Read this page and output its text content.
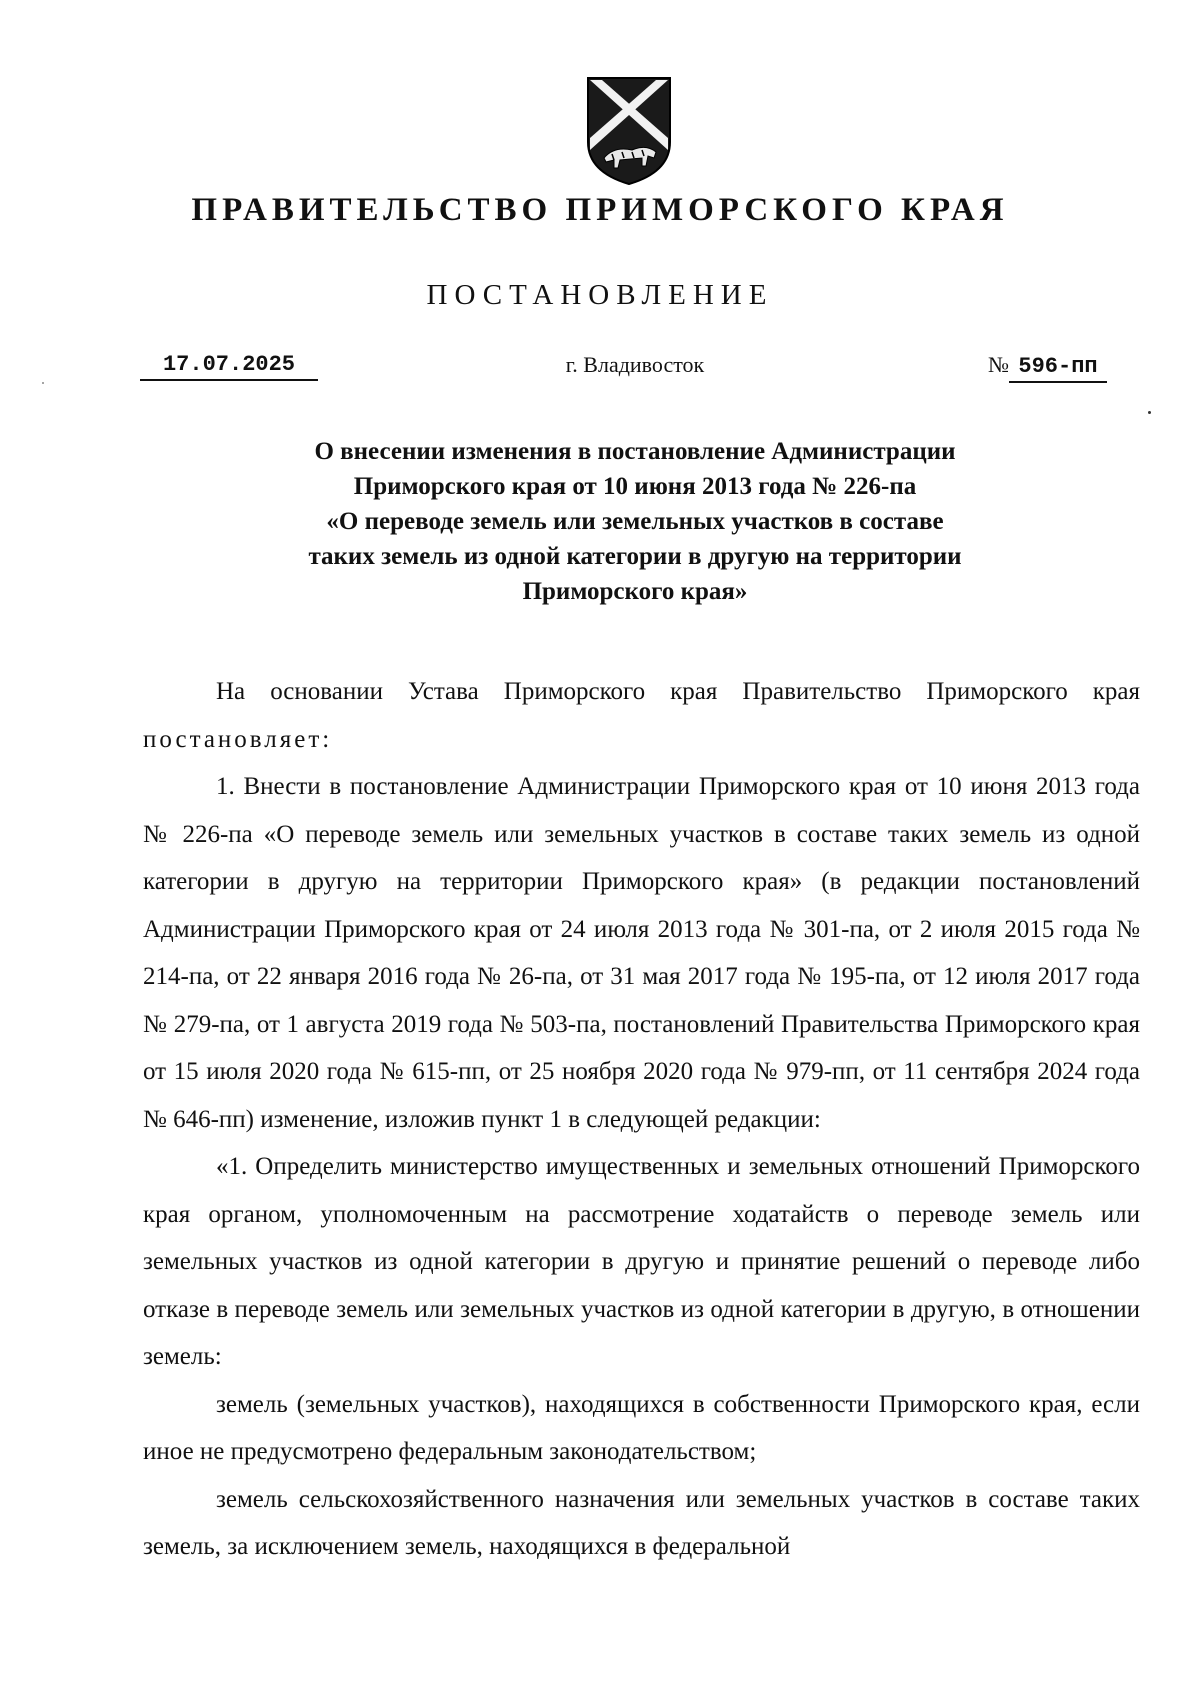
ПРАВИТЕЛЬСТВО ПРИМОРСКОГО КРАЯ
ПОСТАНОВЛЕНИЕ
17.07.2025	г. Владивосток	№ 596-пп
О внесении изменения в постановление Администрации
Приморского края от 10 июня 2013 года № 226-па
«О переводе земель или земельных участков в составе
таких земель из одной категории в другую на территории
Приморского края»

На основании Устава Приморского края Правительство Приморского края постановляет:

1. Внести в постановление Администрации Приморского края от 10 июня 2013 года № 226-па «О переводе земель или земельных участков в составе таких земель из одной категории в другую на территории Приморского края» (в редакции постановлений Администрации Приморского края от 24 июля 2013 года № 301-па, от 2 июля 2015 года № 214-па, от 22 января 2016 года № 26-па, от 31 мая 2017 года № 195-па, от 12 июля 2017 года № 279-па, от 1 августа 2019 года № 503-па, постановлений Правительства Приморского края от 15 июля 2020 года № 615-пп, от 25 ноября 2020 года № 979-пп, от 11 сентября 2024 года № 646-пп) изменение, изложив пункт 1 в следующей редакции:

«1. Определить министерство имущественных и земельных отношений Приморского края органом, уполномоченным на рассмотрение ходатайств о переводе земель или земельных участков из одной категории в другую и принятие решений о переводе либо отказе в переводе земель или земельных участков из одной категории в другую, в отношении земель:

земель (земельных участков), находящихся в собственности Приморского края, если иное не предусмотрено федеральным законодательством;

земель сельскохозяйственного назначения или земельных участков в составе таких земель, за исключением земель, находящихся в федеральной
